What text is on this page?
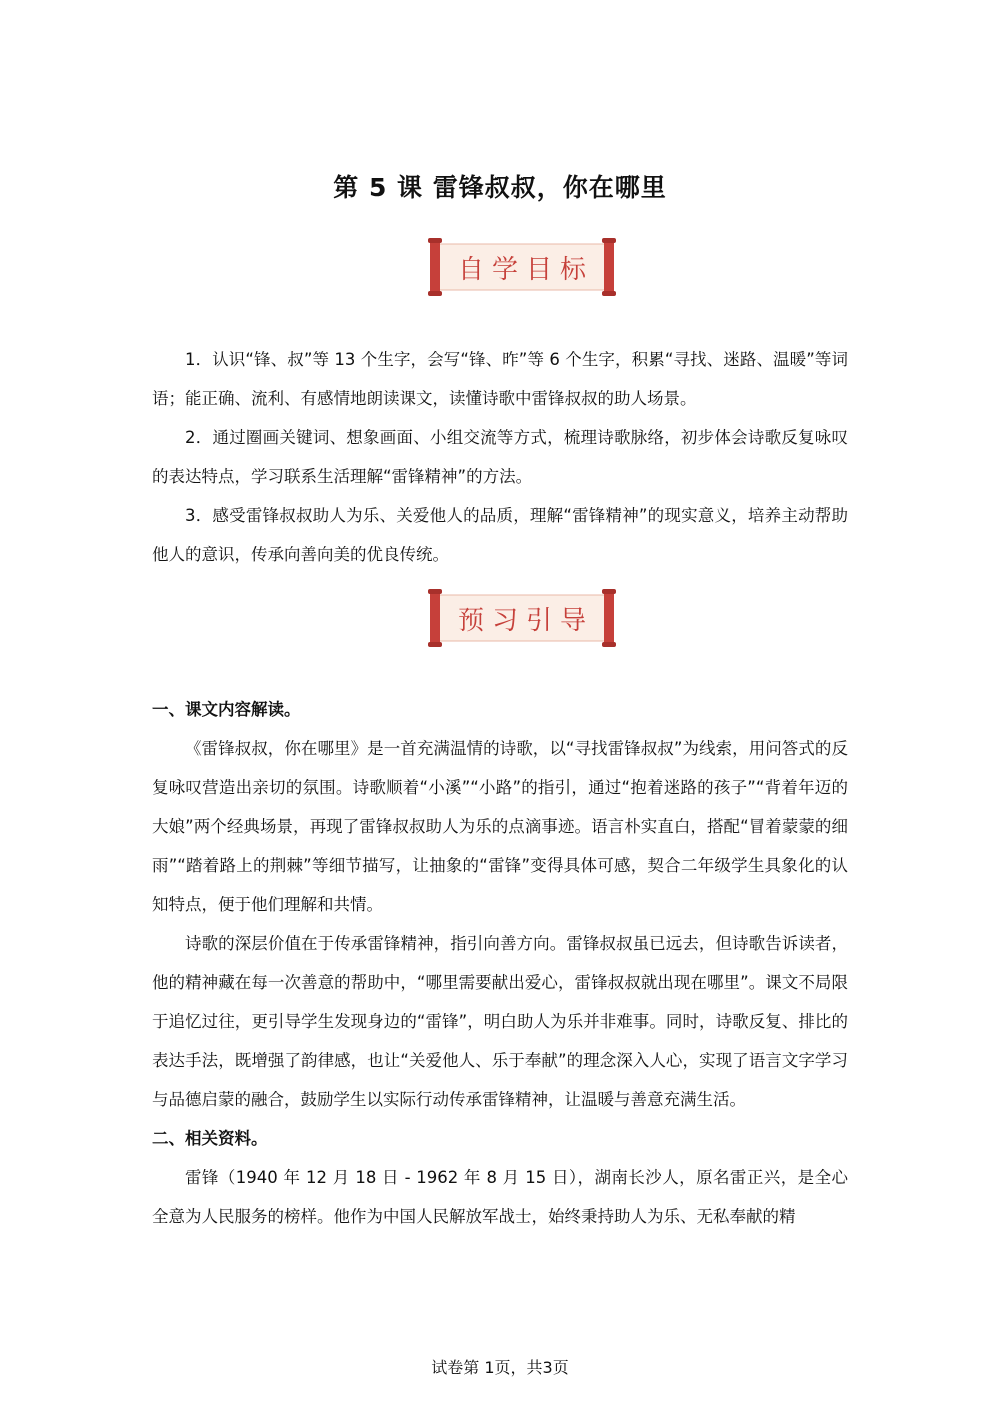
第 5 课 雷锋叔叔，你在哪里
自学目标

1．认识“锋、叔”等 13 个生字，会写“锋、昨”等 6 个生字，积累“寻找、迷路、温暖”等词语；能正确、流利、有感情地朗读课文，读懂诗歌中雷锋叔叔的助人场景。

2．通过圈画关键词、想象画面、小组交流等方式，梳理诗歌脉络，初步体会诗歌反复咏叹的表达特点，学习联系生活理解“雷锋精神”的方法。

3．感受雷锋叔叔助人为乐、关爱他人的品质，理解“雷锋精神”的现实意义，培养主动帮助他人的意识，传承向善向美的优良传统。

预习引导

一、课文内容解读。

《雷锋叔叔，你在哪里》是一首充满温情的诗歌，以“寻找雷锋叔叔”为线索，用问答式的反复咏叹营造出亲切的氛围。诗歌顺着“小溪”“小路”的指引，通过“抱着迷路的孩子”“背着年迈的大娘”两个经典场景，再现了雷锋叔叔助人为乐的点滴事迹。语言朴实直白，搭配“冒着蒙蒙的细雨”“踏着路上的荆棘”等细节描写，让抽象的“雷锋”变得具体可感，契合二年级学生具象化的认知特点，便于他们理解和共情。

诗歌的深层价值在于传承雷锋精神，指引向善方向。雷锋叔叔虽已远去，但诗歌告诉读者，他的精神藏在每一次善意的帮助中，“哪里需要献出爱心，雷锋叔叔就出现在哪里”。课文不局限于追忆过往，更引导学生发现身边的“雷锋”，明白助人为乐并非难事。同时，诗歌反复、排比的表达手法，既增强了韵律感，也让“关爱他人、乐于奉献”的理念深入人心，实现了语言文字学习与品德启蒙的融合，鼓励学生以实际行动传承雷锋精神，让温暖与善意充满生活。

二、相关资料。

雷锋（1940 年 12 月 18 日 - 1962 年 8 月 15 日），湖南长沙人，原名雷正兴，是全心全意为人民服务的榜样。他作为中国人民解放军战士，始终秉持助人为乐、无私奉献的精

试卷第 1页，共3页
